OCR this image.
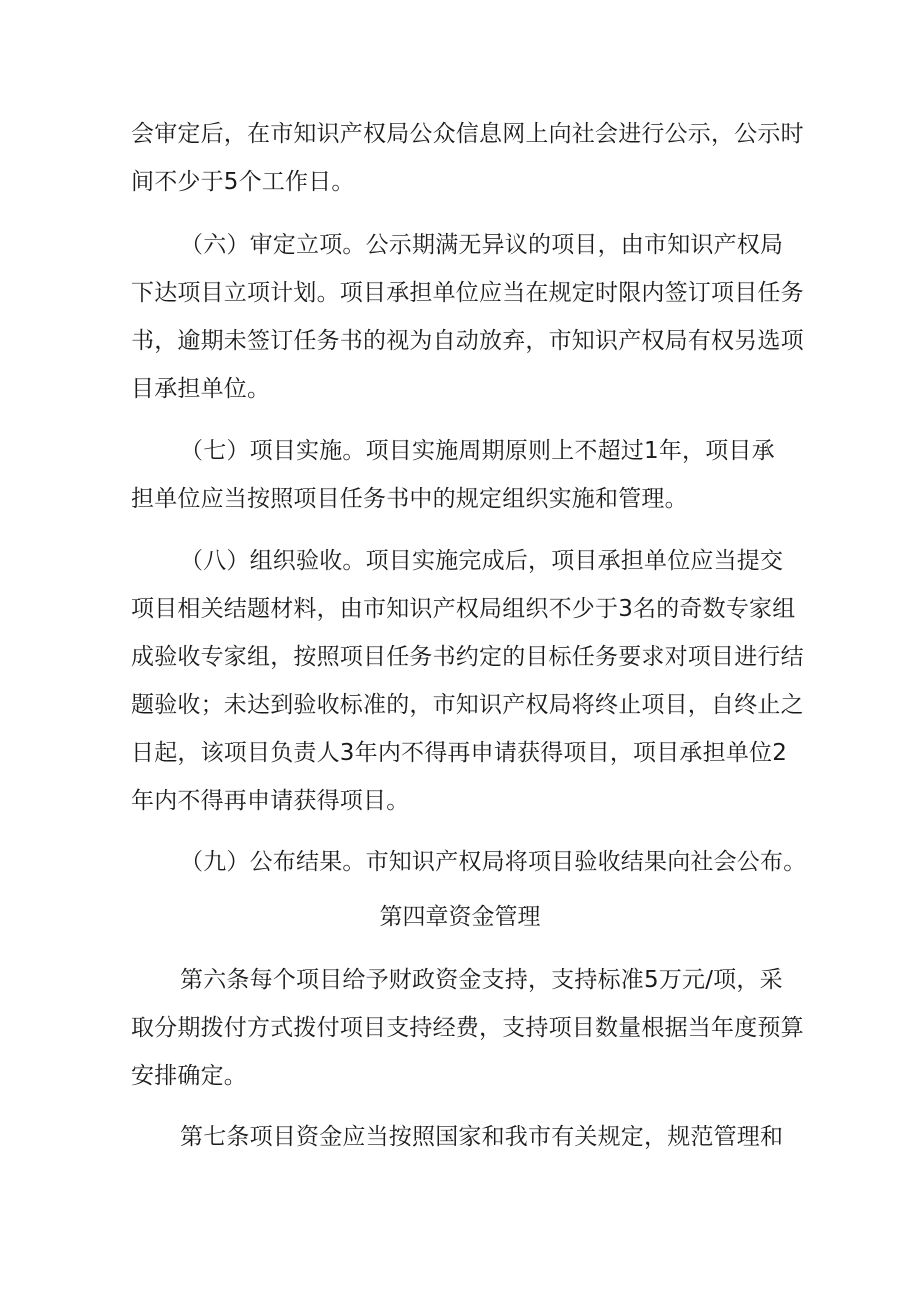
会审定后，在市知识产权局公众信息网上向社会进行公示，公示时

间不少于5个工作日。

（六）审定立项。公示期满无异议的项目，由市知识产权局

下达项目立项计划。项目承担单位应当在规定时限内签订项目任务

书，逾期未签订任务书的视为自动放弃，市知识产权局有权另选项

目承担单位。

（七）项目实施。项目实施周期原则上不超过1年，项目承

担单位应当按照项目任务书中的规定组织实施和管理。

（八）组织验收。项目实施完成后，项目承担单位应当提交

项目相关结题材料，由市知识产权局组织不少于3名的奇数专家组

成验收专家组，按照项目任务书约定的目标任务要求对项目进行结

题验收；未达到验收标准的，市知识产权局将终止项目，自终止之

日起，该项目负责人3年内不得再申请获得项目，项目承担单位2

年内不得再申请获得项目。

（九）公布结果。市知识产权局将项目验收结果向社会公布。

第四章资金管理

第六条每个项目给予财政资金支持，支持标准5万元/项，采

取分期拨付方式拨付项目支持经费，支持项目数量根据当年度预算

安排确定。

第七条项目资金应当按照国家和我市有关规定，规范管理和
